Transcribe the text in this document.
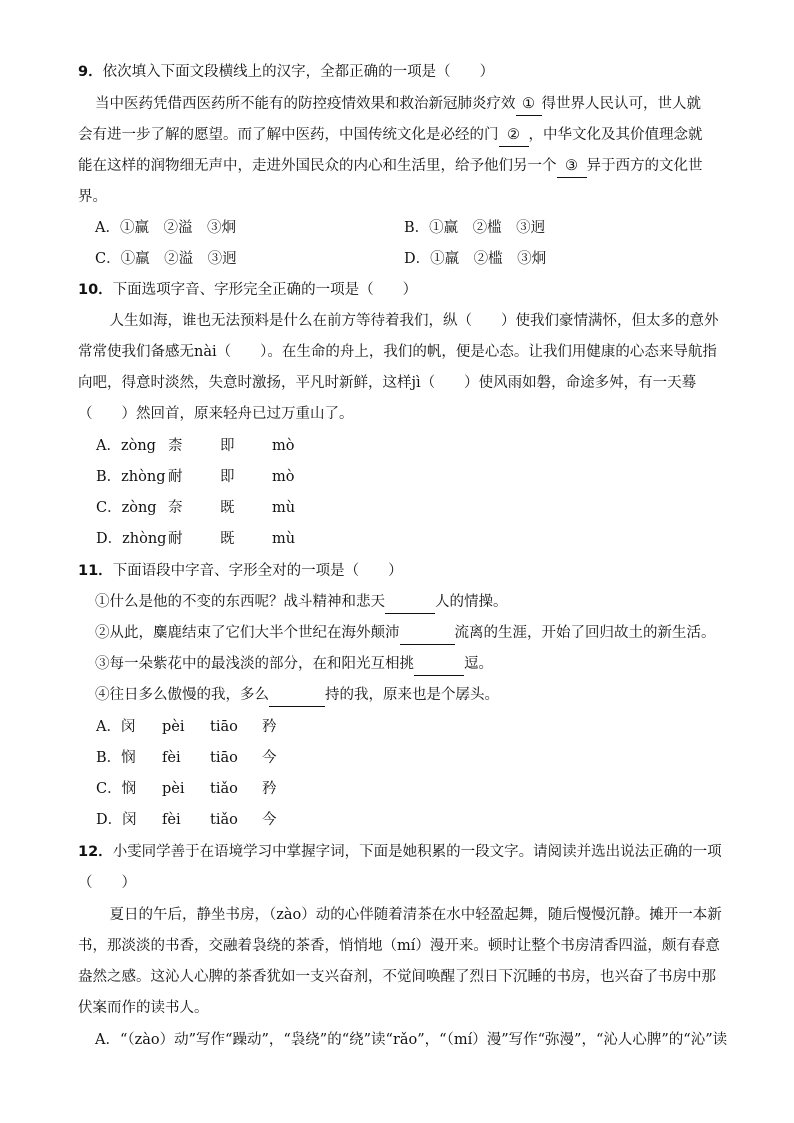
9．依次填入下面文段横线上的汉字，全都正确的一项是（　　）
当中医药凭借西医药所不能有的防控疫情效果和救治新冠肺炎疗效 ① 得世界人民认可，世人就
会有进一步了解的愿望。而了解中医药，中国传统文化是必经的门 ② ，中华文化及其价值理念就
能在这样的润物细无声中，走进外国民众的内心和生活里，给予他们另一个 ③ 异于西方的文化世
界。
A．①赢　②溢　③炯	B．①赢　②槛　③迥
C．①羸　②溢　③迥	D．①羸　②槛　③炯
10．下面选项字音、字形完全正确的一项是（　　）
　人生如海，谁也无法预料是什么在前方等待着我们，纵（　　）使我们豪情满怀，但太多的意外
常常使我们备感无nài（　　）。在生命的舟上，我们的帆，便是心态。让我们用健康的心态来导航指
向吧，得意时淡然，失意时激扬，平凡时新鲜，这样jì（　　）使风雨如磐，命途多舛，有一天蓦
（　　）然回首，原来轻舟已过万重山了。
A．zòng 柰	即	mò
B．zhòng 耐	即	mò
C．zòng 奈	既	mù
D．zhòng 耐	既	mù
11．下面语段中字音、字形全对的一项是（　　）
①什么是他的不变的东西呢？战斗精神和悲天	人的情操。
②从此，麋鹿结束了它们大半个世纪在海外颠沛	流离的生涯，开始了回归故土的新生活。
③每一朵紫花中的最浅淡的部分，在和阳光互相挑	逗。
④往日多么傲慢的我，多么	持的我，原来也是个孱头。
A．闵 pèi tiāo 矜
B．悯 fèi tiāo 今
C．悯 pèi tiǎo 矜
D．闵 fèi tiǎo 今
12．小雯同学善于在语境学习中掌握字词，下面是她积累的一段文字。请阅读并选出说法正确的一项
（　　）
　夏日的午后，静坐书房，（zào）动的心伴随着清茶在水中轻盈起舞，随后慢慢沉静。摊开一本新
书，那淡淡的书香，交融着袅绕的茶香，悄悄地（mí）漫开来。顿时让整个书房清香四溢，颇有春意
盎然之感。这沁人心脾的茶香犹如一支兴奋剂，不觉间唤醒了烈日下沉睡的书房，也兴奋了书房中那
伏案而作的读书人。
A．“（zào）动”写作“躁动”，“袅绕”的“绕”读“rǎo”，“（mí）漫”写作“弥漫”，“沁人心脾”的“沁”读
